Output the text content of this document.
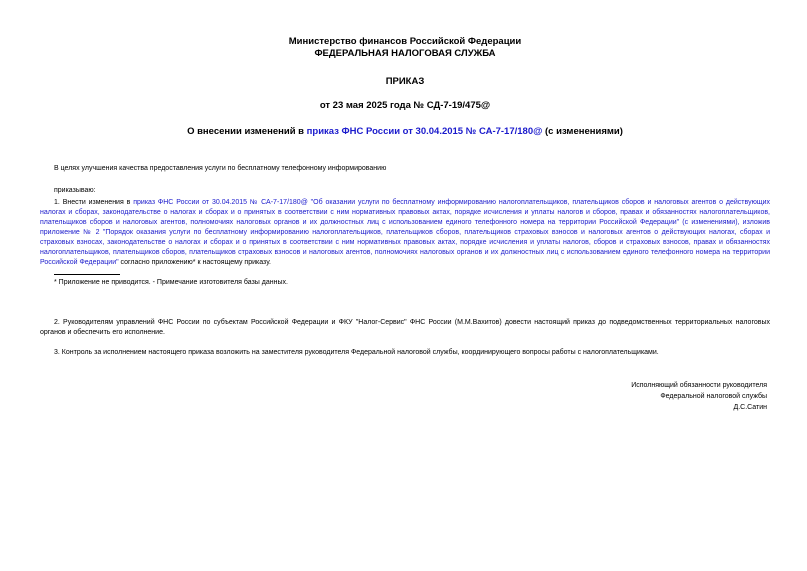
Министерство финансов Российской Федерации
ФЕДЕРАЛЬНАЯ НАЛОГОВАЯ СЛУЖБА
ПРИКАЗ
от 23 мая 2025 года № СД-7-19/475@
О внесении изменений в приказ ФНС России от 30.04.2015 № СА-7-17/180@ (с изменениями)
В целях улучшения качества предоставления услуги по бесплатному телефонному информированию
приказываю:
1. Внести изменения в приказ ФНС России от 30.04.2015 № СА-7-17/180@ "Об оказании услуги по бесплатному информированию налогоплательщиков, плательщиков сборов и налоговых агентов о действующих налогах и сборах, законодательстве о налогах и сборах и о принятых в соответствии с ним нормативных правовых актах, порядке исчисления и уплаты налогов и сборов, правах и обязанностях налогоплательщиков, плательщиков сборов и налоговых агентов, полномочиях налоговых органов и их должностных лиц с использованием единого телефонного номера на территории Российской Федерации" (с изменениями), изложив приложение № 2 "Порядок оказания услуги по бесплатному информированию налогоплательщиков, плательщиков сборов, плательщиков страховых взносов и налоговых агентов о действующих налогах, сборах и страховых взносах, законодательстве о налогах и сборах и о принятых в соответствии с ним нормативных правовых актах, порядке исчисления и уплаты налогов, сборов и страховых взносов, правах и обязанностях налогоплательщиков, плательщиков сборов, плательщиков страховых взносов и налоговых агентов, полномочиях налоговых органов и их должностных лиц с использованием единого телефонного номера на территории Российской Федерации" согласно приложению* к настоящему приказу.
* Приложение не приводится. - Примечание изготовителя базы данных.
2. Руководителям управлений ФНС России по субъектам Российской Федерации и ФКУ "Налог-Сервис" ФНС России (М.М.Вахитов) довести настоящий приказ до подведомственных территориальных налоговых органов и обеспечить его исполнение.
3. Контроль за исполнением настоящего приказа возложить на заместителя руководителя Федеральной налоговой службы, координирующего вопросы работы с налогоплательщиками.
Исполняющий обязанности руководителя
Федеральной налоговой службы
Д.С.Сатин
